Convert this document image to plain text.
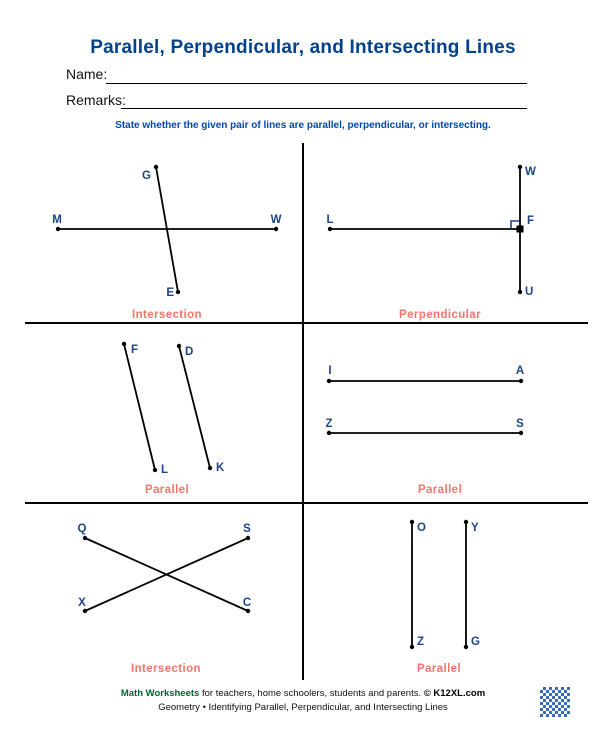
Parallel, Perpendicular, and Intersecting Lines
Name:
Remarks:
State whether the given pair of lines are parallel, perpendicular, or intersecting.
G
E
M	W
Intersection
W
U
L	F
Perpendicular
F
L
D
K
Parallel
I	A
Z	S
Parallel
Q
C
X
S
Intersection
O
Z
Y
G
Parallel
Math Worksheets for teachers, home schoolers, students and parents. © K12XL.com
Geometry • Identifying Parallel, Perpendicular, and Intersecting Lines
